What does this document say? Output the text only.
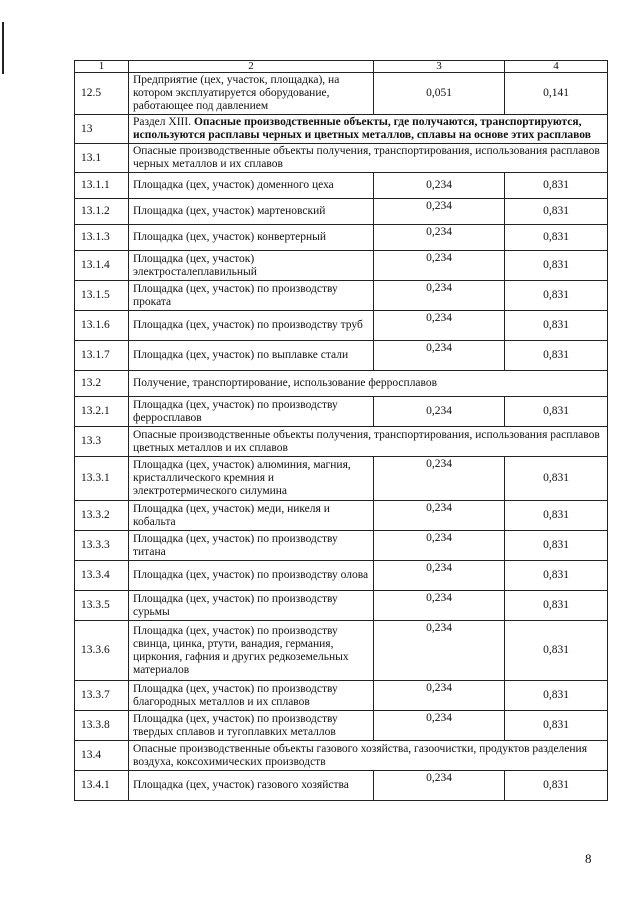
1	2	3	4
12.5	Предприятие (цех, участок, площадка), на котором эксплуатируется оборудование, работающее под давлением	0,051	0,141
13	Раздел XIII. Опасные производственные объекты, где получаются, транспортируются, используются расплавы черных и цветных металлов, сплавы на основе этих расплавов		
13.1	Опасные производственные объекты получения, транспортирования, использования расплавов черных металлов и их сплавов		
13.1.1	Площадка (цех, участок) доменного цеха	0,234	0,831
13.1.2	Площадка (цех, участок) мартеновский	0,234	0,831
13.1.3	Площадка (цех, участок) конвертерный	0,234	0,831
13.1.4	Площадка (цех, участок) электросталеплавильный	0,234	0,831
13.1.5	Площадка (цех, участок) по производству проката	0,234	0,831
13.1.6	Площадка (цех, участок) по производству труб	0,234	0,831
13.1.7	Площадка (цех, участок) по выплавке стали	0,234	0,831
13.2	Получение, транспортирование, использование ферросплавов		
13.2.1	Площадка (цех, участок) по производству ферросплавов	0,234	0,831
13.3	Опасные производственные объекты получения, транспортирования, использования расплавов цветных металлов и их сплавов		
13.3.1	Площадка (цех, участок) алюминия, магния, кристаллического кремния и электротермического силумина	0,234	0,831
13.3.2	Площадка (цех, участок) меди, никеля и кобальта	0,234	0,831
13.3.3	Площадка (цех, участок) по производству титана	0,234	0,831
13.3.4	Площадка (цех, участок) по производству олова	0,234	0,831
13.3.5	Площадка (цех, участок) по производству сурьмы	0,234	0,831
13.3.6	Площадка (цех, участок) по производству свинца, цинка, ртути, ванадия, германия, циркония, гафния и других редкоземельных материалов	0,234	0,831
13.3.7	Площадка (цех, участок) по производству благородных металлов и их сплавов	0,234	0,831
13.3.8	Площадка (цех, участок) по производству твердых сплавов и тугоплавких металлов	0,234	0,831
13.4	Опасные производственные объекты газового хозяйства, газоочистки, продуктов разделения воздуха, коксохимических производств		
13.4.1	Площадка (цех, участок) газового хозяйства	0,234	0,831
8
